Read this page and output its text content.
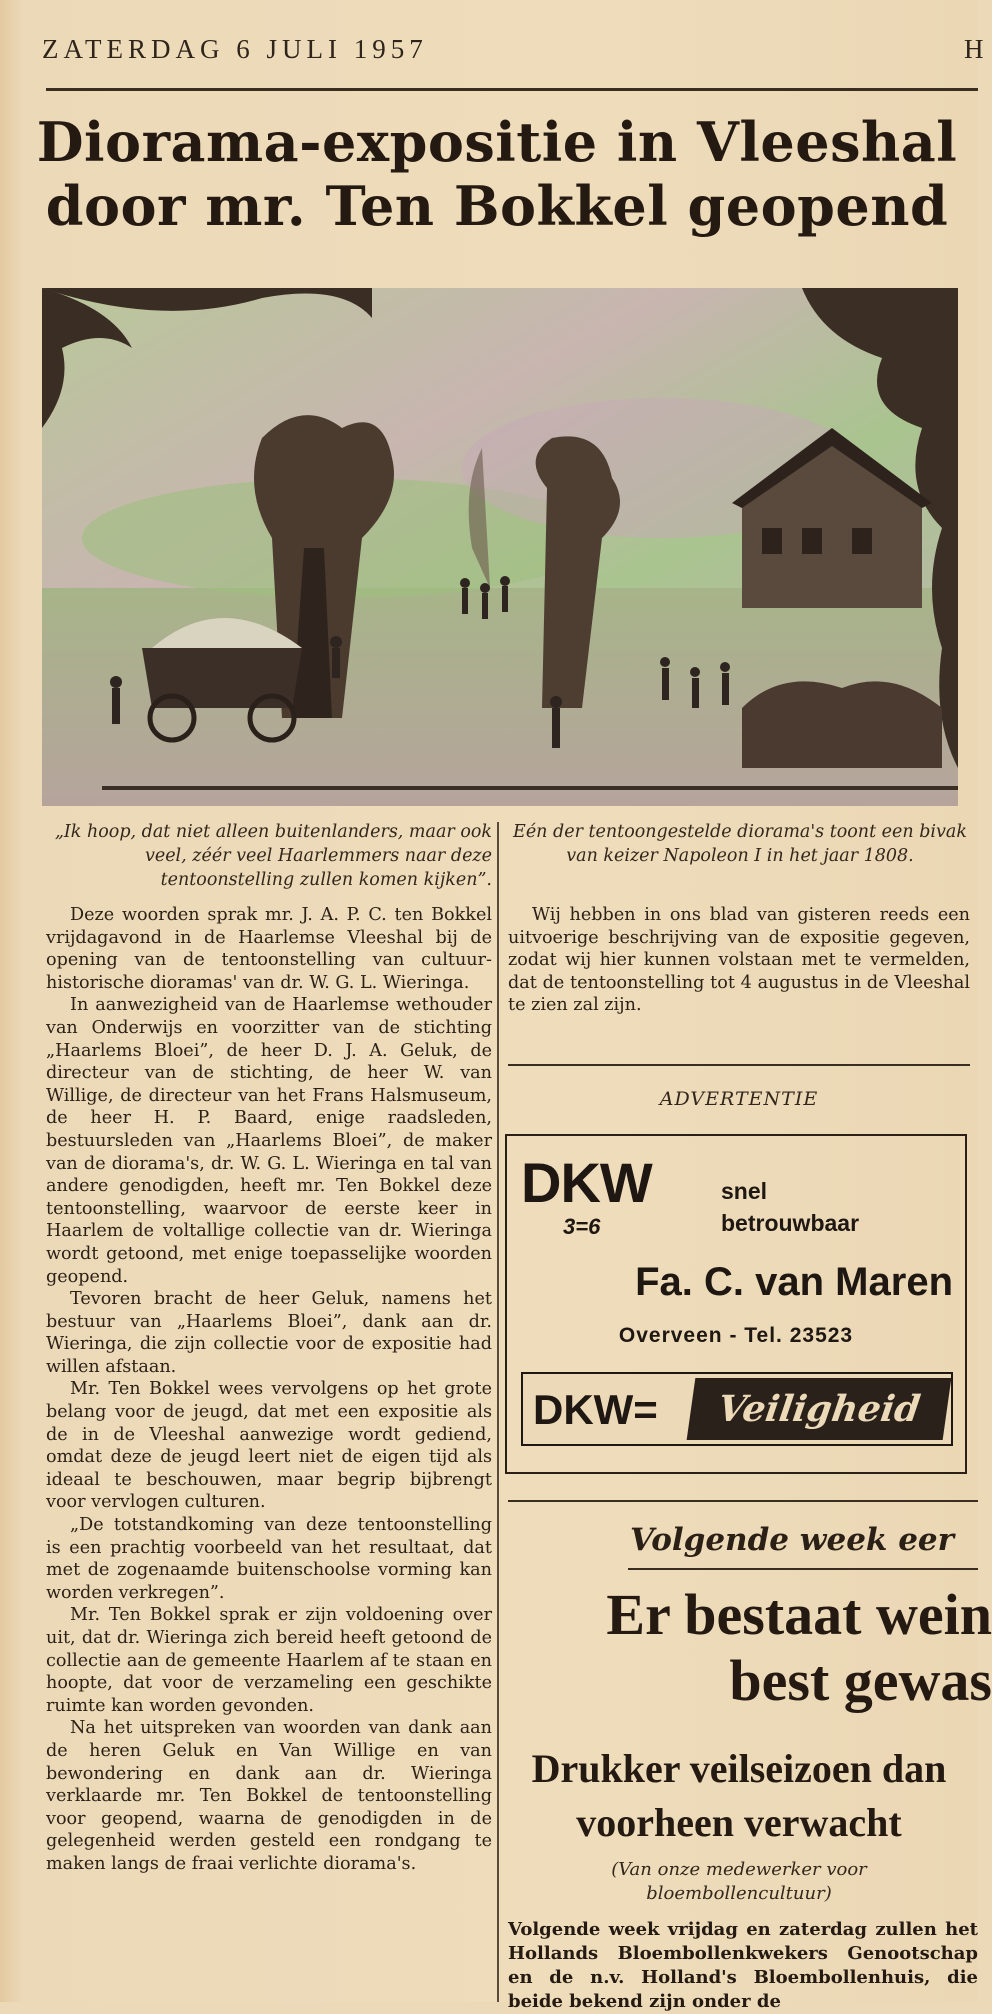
ZATERDAG 6 JULI 1957	H
Diorama-expositie in Vleeshal
door mr. Ten Bokkel geopend
„Ik hoop, dat niet alleen buitenlanders, maar ook veel, zéér veel Haarlemmers naar deze tentoonstelling zullen komen kijken”.
Eén der tentoongestelde diorama's toont een bivak van keizer Napoleon I in het jaar 1808.

Deze woorden sprak mr. J. A. P. C. ten Bokkel vrijdagavond in de Haarlemse Vleeshal bij de opening van de tentoonstelling van cultuur-historische dioramas' van dr. W. G. L. Wieringa.

In aanwezigheid van de Haarlemse wethouder van Onderwijs en voorzitter van de stichting „Haarlems Bloei”, de heer D. J. A. Geluk, de directeur van de stichting, de heer W. van Willige, de directeur van het Frans Halsmuseum, de heer H. P. Baard, enige raadsleden, bestuursleden van „Haarlems Bloei”, de maker van de diorama's, dr. W. G. L. Wieringa en tal van andere genodigden, heeft mr. Ten Bokkel deze tentoonstelling, waarvoor de eerste keer in Haarlem de voltallige collectie van dr. Wieringa wordt getoond, met enige toepasselijke woorden geopend.

Tevoren bracht de heer Geluk, namens het bestuur van „Haarlems Bloei”, dank aan dr. Wieringa, die zijn collectie voor de expositie had willen afstaan.

Mr. Ten Bokkel wees vervolgens op het grote belang voor de jeugd, dat met een expositie als de in de Vleeshal aanwezige wordt gediend, omdat deze de jeugd leert niet de eigen tijd als ideaal te beschouwen, maar begrip bijbrengt voor vervlogen culturen.

„De totstandkoming van deze tentoonstelling is een prachtig voorbeeld van het resultaat, dat met de zogenaamde buitenschoolse vorming kan worden verkregen”.

Mr. Ten Bokkel sprak er zijn voldoening over uit, dat dr. Wieringa zich bereid heeft getoond de collectie aan de gemeente Haarlem af te staan en hoopte, dat voor de verzameling een geschikte ruimte kan worden gevonden.

Na het uitspreken van woorden van dank aan de heren Geluk en Van Willige en van bewondering en dank aan dr. Wieringa verklaarde mr. Ten Bokkel de tentoonstelling voor geopend, waarna de genodigden in de gelegenheid werden gesteld een rondgang te maken langs de fraai verlichte diorama's.

Wij hebben in ons blad van gisteren reeds een uitvoerige beschrijving van de expositie gegeven, zodat wij hier kunnen volstaan met te vermelden, dat de tentoonstelling tot 4 augustus in de Vleeshal te zien zal zijn.

ADVERTENTIE
DKW
3=6
snel
betrouwbaar
Fa. C. van Maren
Overveen - Tel. 23523
DKW=	Veiligheid
Volgende week eer
Er bestaat wein
best gewas
Drukker veilseizoen dan
voorheen verwacht
(Van onze medewerker voor
bloembollencultuur)
Volgende week vrijdag en zaterdag zullen het Hollands Bloembollenkwekers Genootschap en de n.v. Holland's Bloembollenhuis, die beide bekend zijn onder de
